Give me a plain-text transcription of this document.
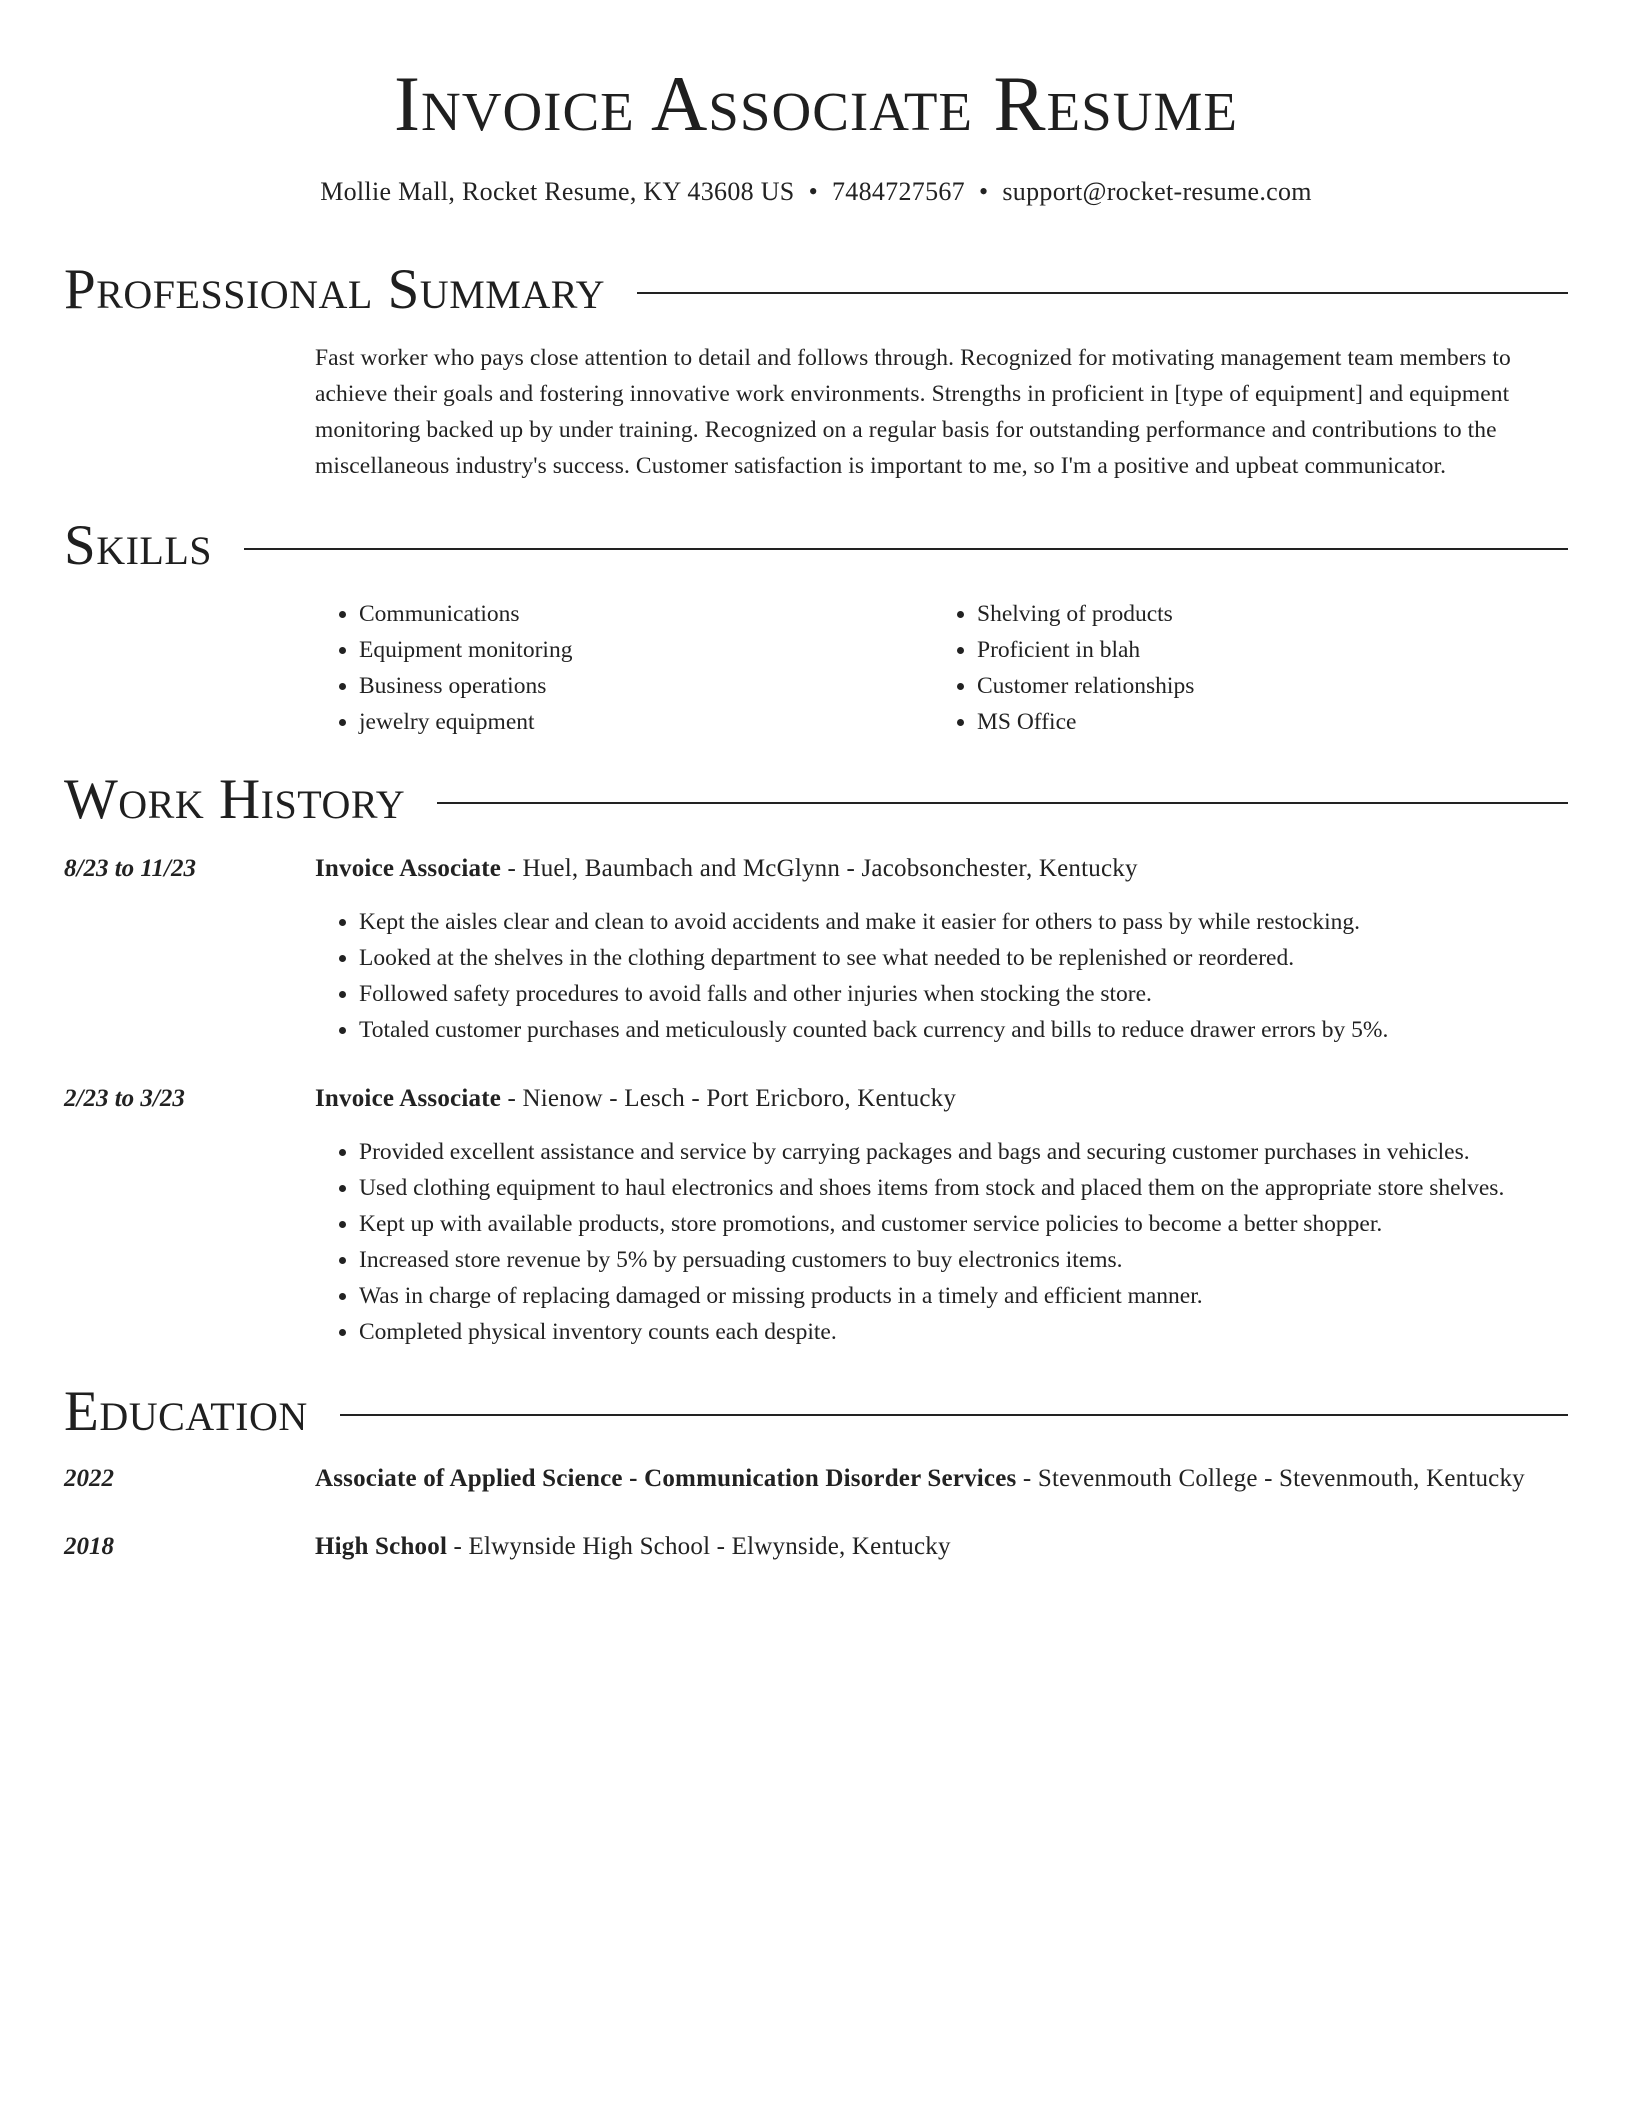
Invoice Associate Resume
Mollie Mall, Rocket Resume, KY 43608 US • 7484727567 • support@rocket-resume.com
Professional Summary
Fast worker who pays close attention to detail and follows through. Recognized for motivating management team members to achieve their goals and fostering innovative work environments. Strengths in proficient in [type of equipment] and equipment monitoring backed up by under training. Recognized on a regular basis for outstanding performance and contributions to the miscellaneous industry's success. Customer satisfaction is important to me, so I'm a positive and upbeat communicator.
Skills
• Communications
• Equipment monitoring
• Business operations
• jewelry equipment
• Shelving of products
• Proficient in blah
• Customer relationships
• MS Office
Work History
8/23 to 11/23	Invoice Associate - Huel, Baumbach and McGlynn - Jacobsonchester, Kentucky
• Kept the aisles clear and clean to avoid accidents and make it easier for others to pass by while restocking.
• Looked at the shelves in the clothing department to see what needed to be replenished or reordered.
• Followed safety procedures to avoid falls and other injuries when stocking the store.
• Totaled customer purchases and meticulously counted back currency and bills to reduce drawer errors by 5%.
2/23 to 3/23	Invoice Associate - Nienow - Lesch - Port Ericboro, Kentucky
• Provided excellent assistance and service by carrying packages and bags and securing customer purchases in vehicles.
• Used clothing equipment to haul electronics and shoes items from stock and placed them on the appropriate store shelves.
• Kept up with available products, store promotions, and customer service policies to become a better shopper.
• Increased store revenue by 5% by persuading customers to buy electronics items.
• Was in charge of replacing damaged or missing products in a timely and efficient manner.
• Completed physical inventory counts each despite.
Education
2022	Associate of Applied Science - Communication Disorder Services - Stevenmouth College - Stevenmouth, Kentucky
2018	High School - Elwynside High School - Elwynside, Kentucky
